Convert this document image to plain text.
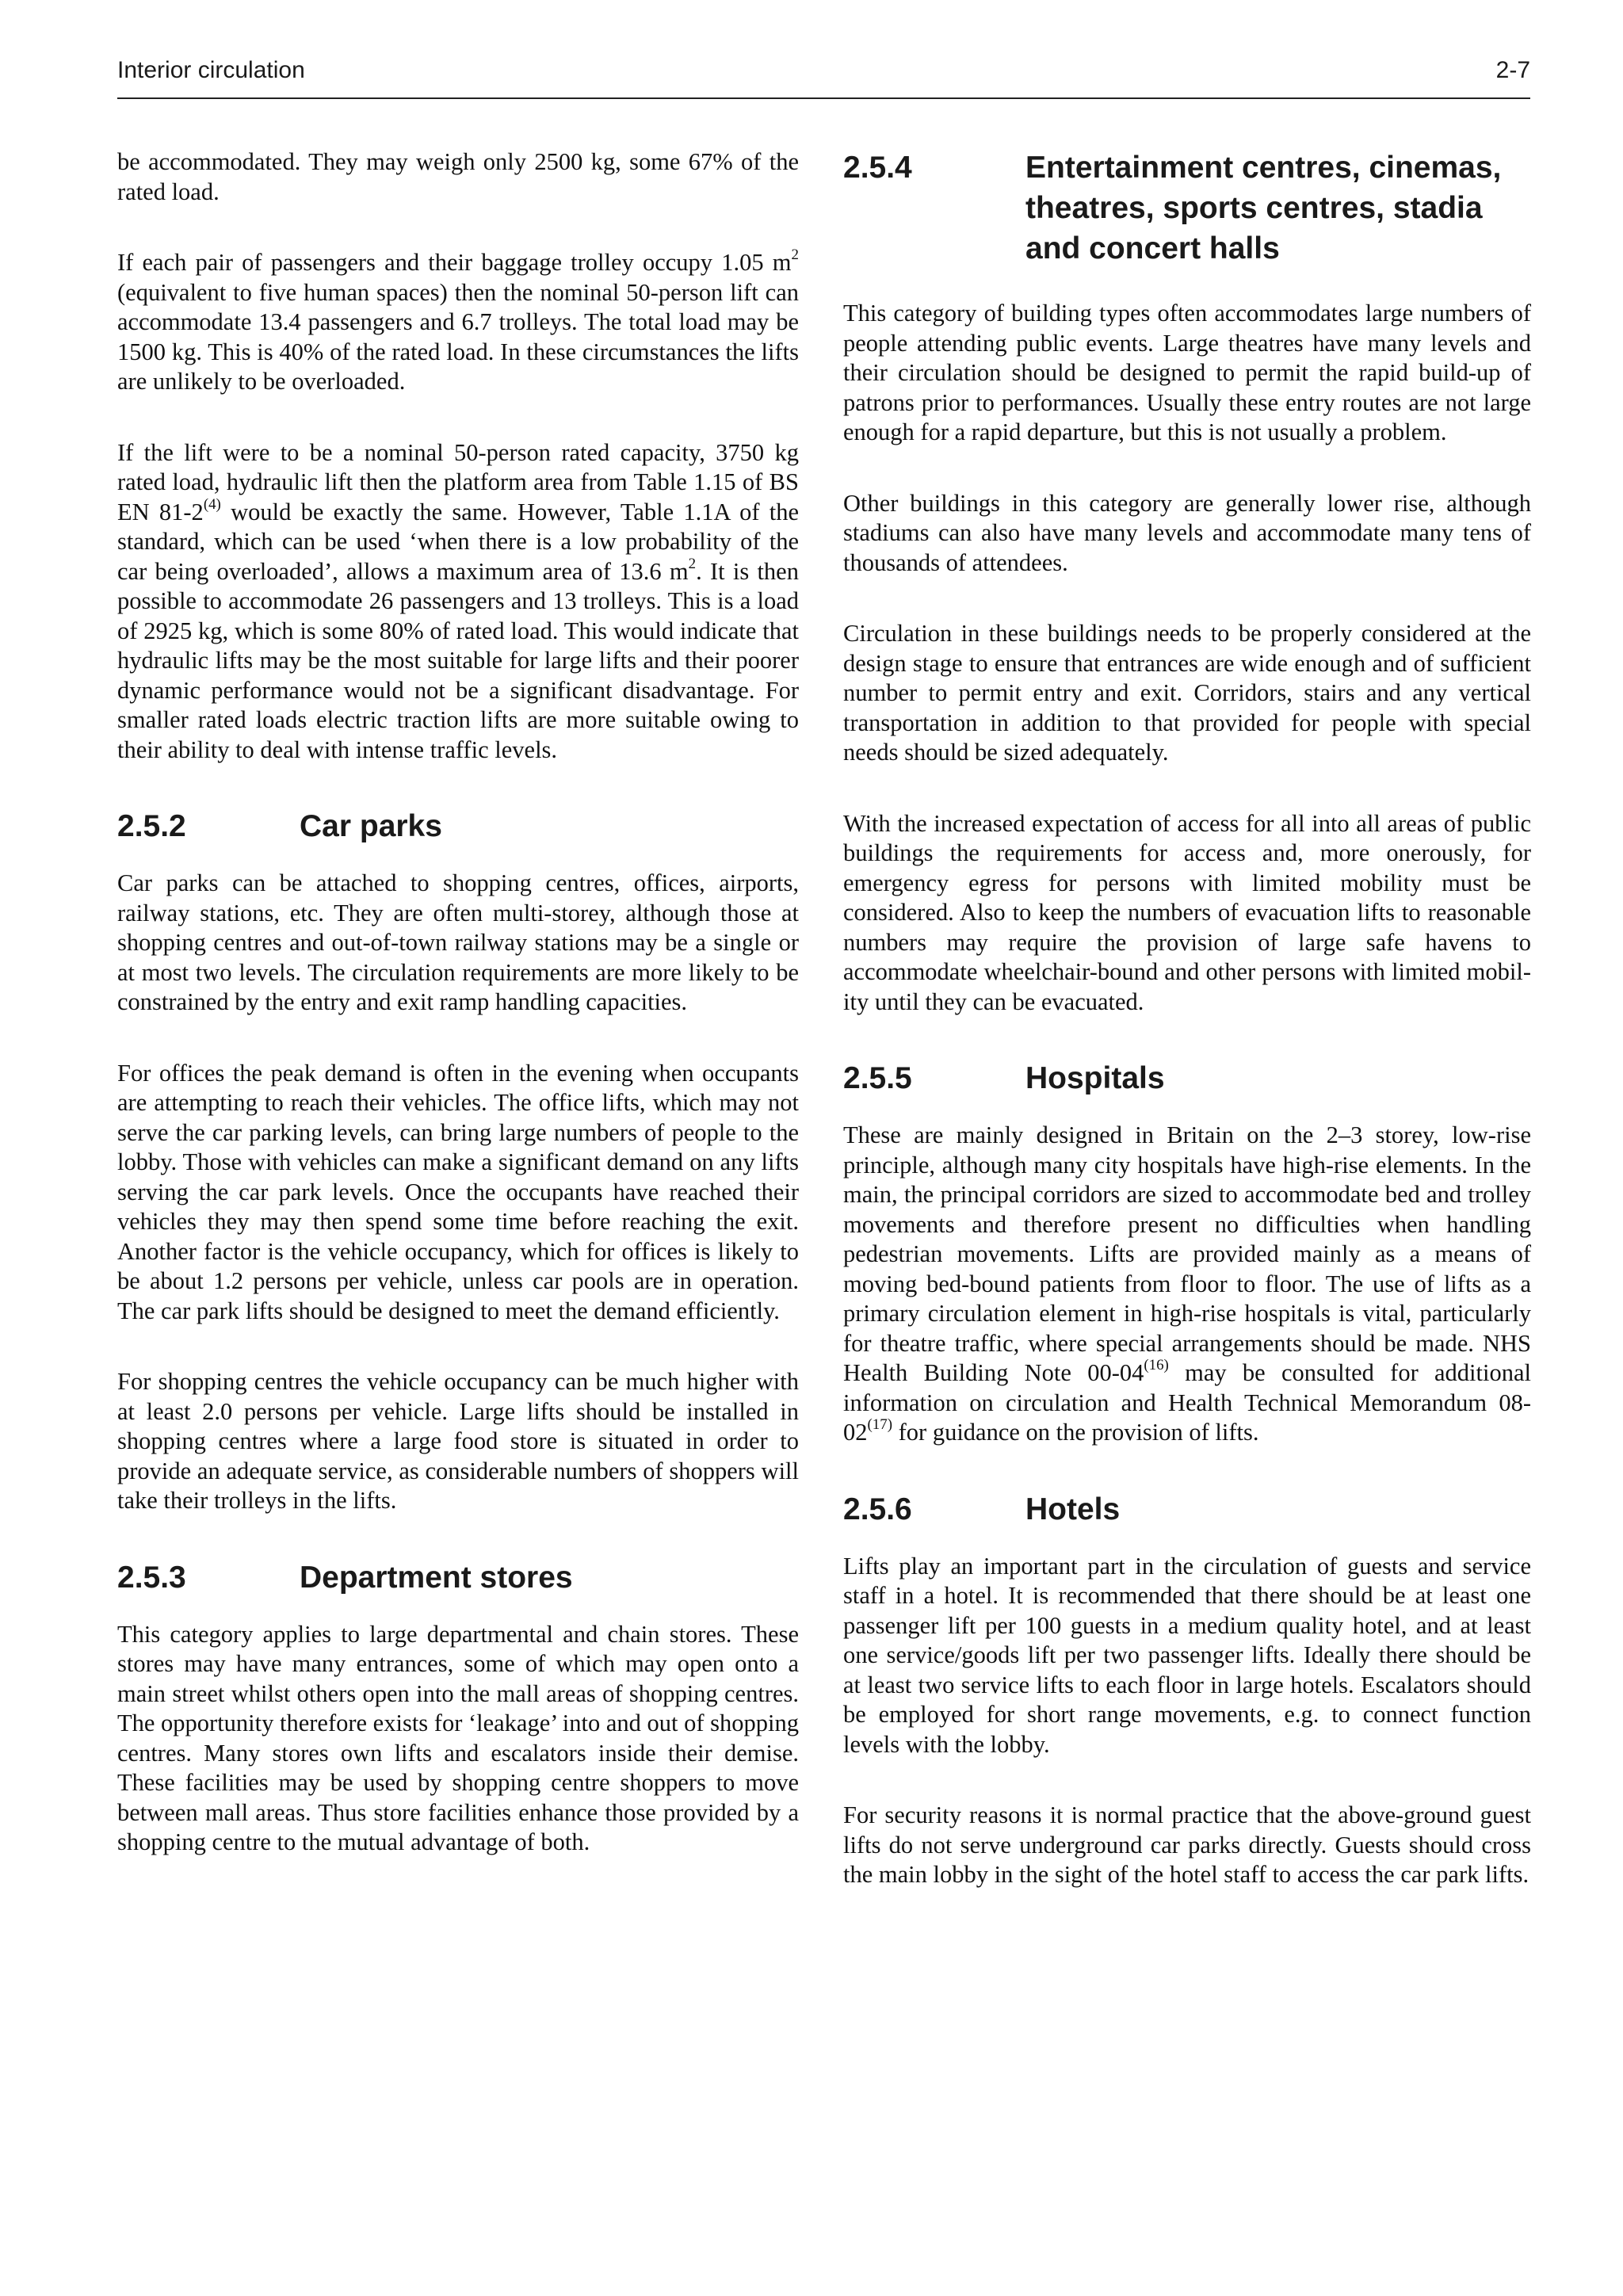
Interior circulation	2-7

be accommodated. They may weigh only 2500 kg, some 67% of the rated load.

If each pair of passengers and their baggage trolley occupy 1.05 $m^2$ (equivalent to five human spaces) then the nominal 50-person lift can accommodate 13.4 passengers and 6.7 trolleys. The total load may be 1500 kg. This is 40% of the rated load. In these circumstances the lifts are unlikely to be overloaded.

If the lift were to be a nominal 50-person rated capacity, 3750 kg rated load, hydraulic lift then the platform area from Table 1.15 of BS EN 81-2$^{(4)}$ would be exactly the same. However, Table 1.1A of the standard, which can be used ‘when there is a low probability of the car being overloaded’, allows a maximum area of 13.6 $m^2$. It is then possible to accommodate 26 passengers and 13 trolleys. This is a load of 2925 kg, which is some 80% of rated load. This would indicate that hydraulic lifts may be the most suitable for large lifts and their poorer dynamic performance would not be a significant disadvantage. For smaller rated loads electric traction lifts are more suitable owing to their ability to deal with intense traffic levels.

2.5.2	Car parks

Car parks can be attached to shopping centres, offices, airports, railway stations, etc. They are often multi-storey, although those at shopping centres and out-of-town railway stations may be a single or at most two levels. The circulation requirements are more likely to be constrained by the entry and exit ramp handling capacities.

For offices the peak demand is often in the evening when occupants are attempting to reach their vehicles. The office lifts, which may not serve the car parking levels, can bring large numbers of people to the lobby. Those with vehicles can make a significant demand on any lifts serving the car park levels. Once the occupants have reached their vehicles they may then spend some time before reaching the exit. Another factor is the vehicle occupancy, which for offices is likely to be about 1.2 persons per vehicle, unless car pools are in operation. The car park lifts should be designed to meet the demand efficiently.

For shopping centres the vehicle occupancy can be much higher with at least 2.0 persons per vehicle. Large lifts should be installed in shopping centres where a large food store is situated in order to provide an adequate service, as considerable numbers of shoppers will take their trolleys in the lifts.

2.5.3	Department stores

This category applies to large departmental and chain stores. These stores may have many entrances, some of which may open onto a main street whilst others open into the mall areas of shopping centres. The opportunity therefore exists for ‘leakage’ into and out of shopping centres. Many stores own lifts and escalators inside their demise. These facilities may be used by shopping centre shoppers to move between mall areas. Thus store facilities enhance those provided by a shopping centre to the mutual advantage of both.

2.5.4	Entertainment centres, cinemas, theatres, sports centres, stadia and concert halls

This category of building types often accommodates large numbers of people attending public events. Large theatres have many levels and their circulation should be designed to permit the rapid build-up of patrons prior to performances. Usually these entry routes are not large enough for a rapid departure, but this is not usually a problem.

Other buildings in this category are generally lower rise, although stadiums can also have many levels and accommodate many tens of thousands of attendees.

Circulation in these buildings needs to be properly considered at the design stage to ensure that entrances are wide enough and of sufficient number to permit entry and exit. Corridors, stairs and any vertical transportation in addition to that provided for people with special needs should be sized adequately.

With the increased expectation of access for all into all areas of public buildings the requirements for access and, more onerously, for emergency egress for persons with limited mobility must be considered. Also to keep the numbers of evacuation lifts to reasonable numbers may require the provision of large safe havens to accommodate wheelchair-bound and other persons with limited mobility until they can be evacuated.

2.5.5	Hospitals

These are mainly designed in Britain on the 2–3 storey, low-rise principle, although many city hospitals have high-rise elements. In the main, the principal corridors are sized to accommodate bed and trolley movements and therefore present no difficulties when handling pedestrian movements. Lifts are provided mainly as a means of moving bed-bound patients from floor to floor. The use of lifts as a primary circulation element in high-rise hospitals is vital, particularly for theatre traffic, where special arrangements should be made. NHS Health Building Note 00-04$^{(16)}$ may be consulted for additional information on circulation and Health Technical Memorandum 08-02$^{(17)}$ for guidance on the provision of lifts.

2.5.6	Hotels

Lifts play an important part in the circulation of guests and service staff in a hotel. It is recommended that there should be at least one passenger lift per 100 guests in a medium quality hotel, and at least one service/goods lift per two passenger lifts. Ideally there should be at least two service lifts to each floor in large hotels. Escalators should be employed for short range movements, e.g. to connect function levels with the lobby.

For security reasons it is normal practice that the above-ground guest lifts do not serve underground car parks directly. Guests should cross the main lobby in the sight of the hotel staff to access the car park lifts.
